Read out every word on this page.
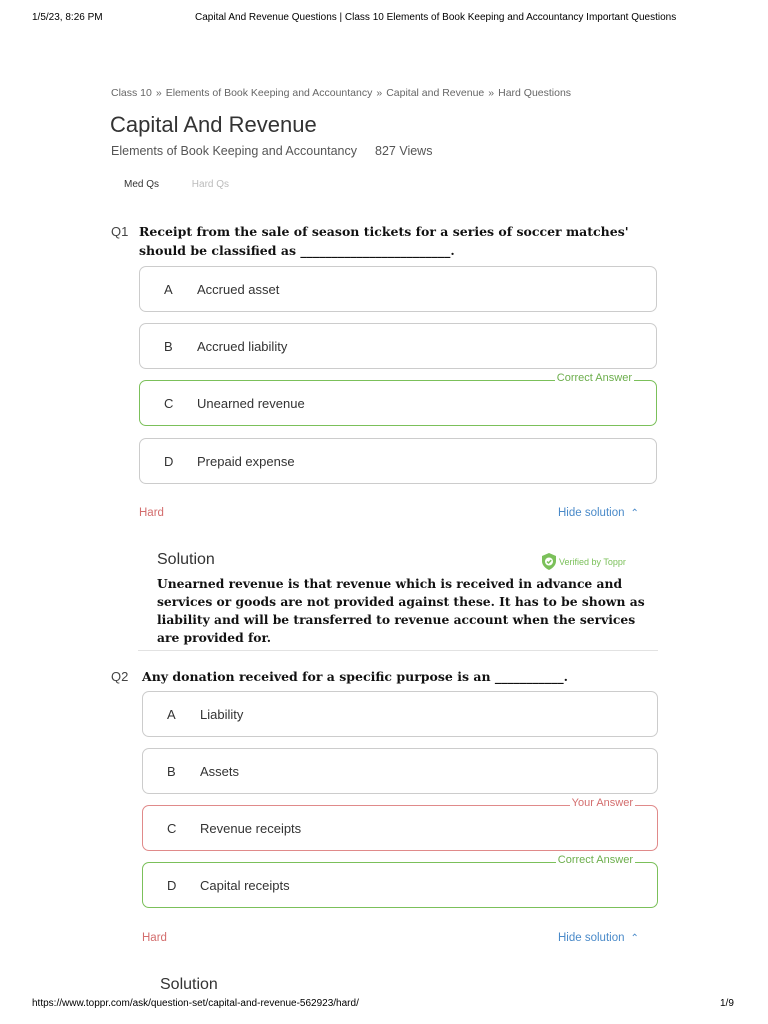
1/5/23, 8:26 PM	Capital And Revenue Questions | Class 10 Elements of Book Keeping and Accountancy Important Questions
Class 10 » Elements of Book Keeping and Accountancy » Capital and Revenue » Hard Questions
Capital And Revenue
Elements of Book Keeping and Accountancy 827 Views
Med Qs	Hard Qs
Q1 Receipt from the sale of season tickets for a series of soccer matches' should be classified as ________________________.
A Accrued asset
B Accrued liability
Correct Answer
C Unearned revenue
D Prepaid expense
Hard	Hide solution ⌃
Solution	Verified by Toppr
Unearned revenue is that revenue which is received in advance and services or goods are not provided against these. It has to be shown as liability and will be transferred to revenue account when the services are provided for.
Q2 Any donation received for a specific purpose is an ___________.
A Liability
B Assets
Your Answer
C Revenue receipts
Correct Answer
D Capital receipts
Hard	Hide solution ⌃
Solution
https://www.toppr.com/ask/question-set/capital-and-revenue-562923/hard/	1/9
